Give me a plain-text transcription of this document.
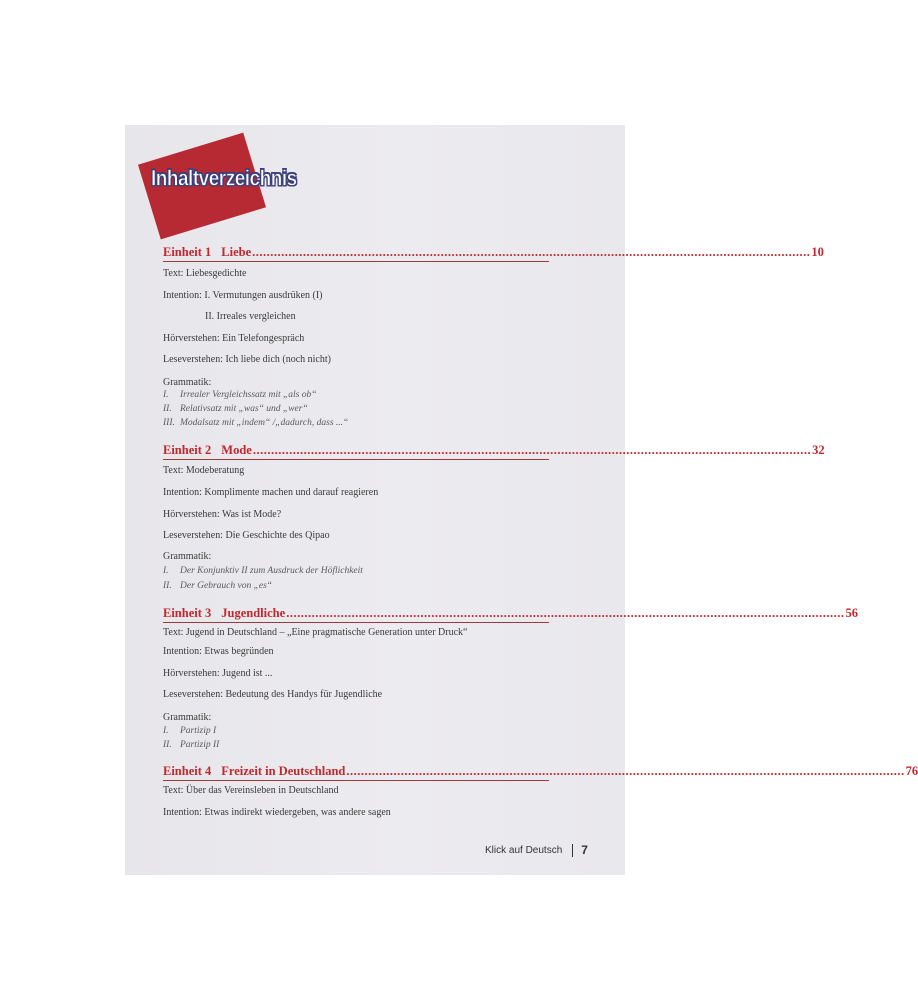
Inhaltverzeichnis
Einheit 1 Liebe .......................................................................................................................................................... 10
Text: Liebesgedichte
Intention: I. Vermutungen ausdrüken (I)
II. Irreales vergleichen
Hörverstehen: Ein Telefongespräch
Leseverstehen: Ich liebe dich (noch nicht)
Grammatik:
I. Irrealer Vergleichssatz mit „als ob“
II. Relativsatz mit „was“ und „wer“
III. Modalsatz mit „indem“ /„dadurch, dass ...“
Einheit 2 Mode .......................................................................................................................................................... 32
Text: Modeberatung
Intention: Komplimente machen und darauf reagieren
Hörverstehen: Was ist Mode?
Leseverstehen: Die Geschichte des Qipao
Grammatik:
I. Der Konjunktiv II zum Ausdruck der Höflichkeit
II. Der Gebrauch von „es“
Einheit 3 Jugendliche .......................................................................................................................................................... 56
Text: Jugend in Deutschland – „Eine pragmatische Generation unter Druck“
Intention: Etwas begründen
Hörverstehen: Jugend ist ...
Leseverstehen: Bedeutung des Handys für Jugendliche
Grammatik:
I. Partizip I
II. Partizip II
Einheit 4 Freizeit in Deutschland .......................................................................................................................................................... 76
Text: Über das Vereinsleben in Deutschland
Intention: Etwas indirekt wiedergeben, was andere sagen
Klick auf Deutsch 7
